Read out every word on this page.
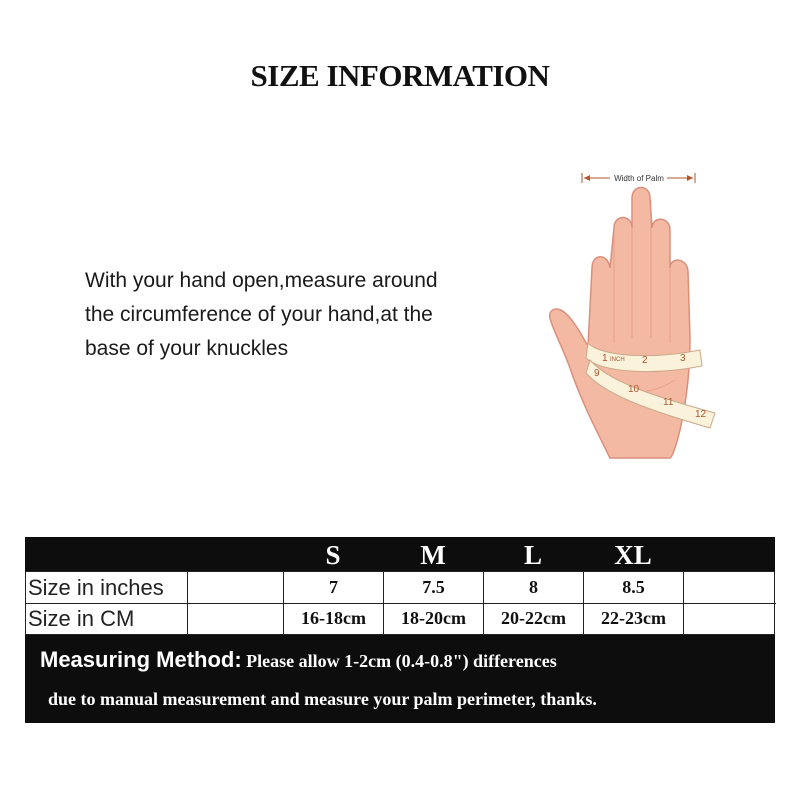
SIZE INFORMATION
With your hand open,measure around
the circumference of your hand,at the
base of your knuckles
Width of Palm
INCH
1	2	3
9
10
11
12
S	M	L	XL
Size in inches	7	7.5	8	8.5
Size in CM	16-18cm	18-20cm	20-22cm	22-23cm
Measuring Method: Please allow 1-2cm (0.4-0.8") differences
due to manual measurement and measure your palm perimeter, thanks.
